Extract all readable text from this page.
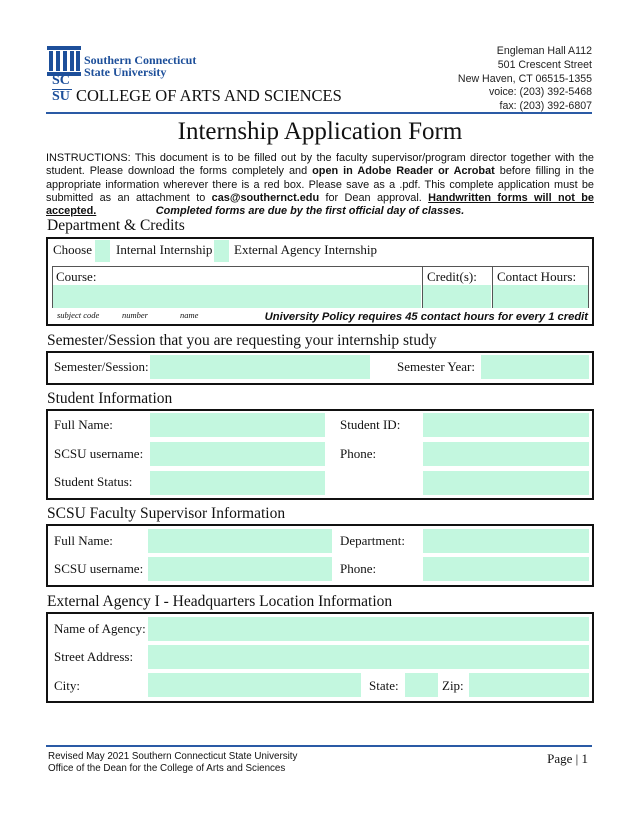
Southern Connecticut
State University
SC
SU COLLEGE OF ARTS AND SCIENCES
Engleman Hall A112
501 Crescent Street
New Haven, CT 06515-1355
voice: (203) 392-5468
fax: (203) 392-6807
Internship Application Form
INSTRUCTIONS: This document is to be filled out by the faculty supervisor/program director together with the student. Please download the forms completely and open in Adobe Reader or Acrobat before filling in the appropriate information wherever there is a red box. Please save as a .pdf. This complete application must be submitted as an attachment to cas@southernct.edu for Dean approval. Handwritten forms will not be accepted.	Completed forms are due by the first official day of classes.
Department & Credits
Choose Internal Internship External Agency Internship
Course:	Credit(s): Contact Hours:
subject code	number	name	University Policy requires 45 contact hours for every 1 credit
Semester/Session that you are requesting your internship study
Semester/Session:	Semester Year:
Student Information
Full Name:	Student ID:
SCSU username:	Phone:
Student Status:
SCSU Faculty Supervisor Information
Full Name:	Department:
SCSU username:	Phone:
External Agency I - Headquarters Location Information
Name of Agency:
Street Address:
City:	State:	Zip:
Revised May 2021 Southern Connecticut State University
Office of the Dean for the College of Arts and Sciences
Page | 1
